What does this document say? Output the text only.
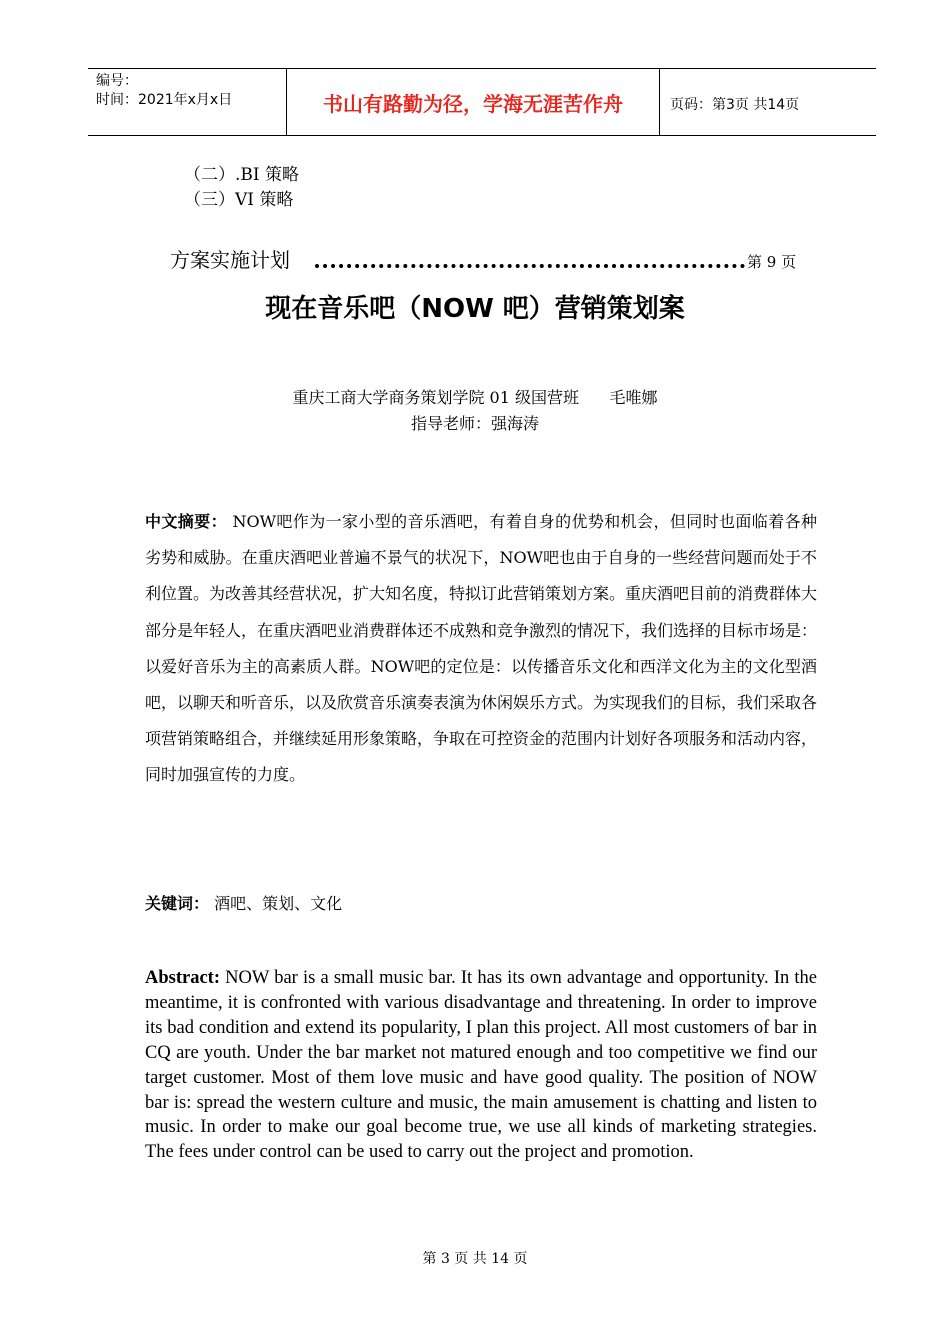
编号：
时间：2021年x月x日	书山有路勤为径，学海无涯苦作舟	页码：第3页 共14页
（二）.BI 策略
（三）VI 策略
方案实施计划	第 9 页
现在音乐吧（NOW 吧）营销策划案
重庆工商大学商务策划学院 01 级国营班      毛唯娜
指导老师：强海涛

中文摘要： NOW吧作为一家小型的音乐酒吧，有着自身的优势和机会，但同时也面临着各种劣势和威胁。在重庆酒吧业普遍不景气的状况下，NOW吧也由于自身的一些经营问题而处于不利位置。为改善其经营状况，扩大知名度，特拟订此营销策划方案。重庆酒吧目前的消费群体大部分是年轻人，在重庆酒吧业消费群体还不成熟和竞争激烈的情况下，我们选择的目标市场是：以爱好音乐为主的高素质人群。NOW吧的定位是：以传播音乐文化和西洋文化为主的文化型酒吧，以聊天和听音乐，以及欣赏音乐演奏表演为休闲娱乐方式。为实现我们的目标，我们采取各项营销策略组合，并继续延用形象策略，争取在可控资金的范围内计划好各项服务和活动内容，同时加强宣传的力度。

关键词： 酒吧、策划、文化

Abstract: NOW bar is a small music bar. It has its own advantage and opportunity. In the meantime, it is confronted with various disadvantage and threatening. In order to improve its bad condition and extend its popularity, I plan this project. All most customers of bar in CQ are youth. Under the bar market not matured enough and too competitive we find our target customer. Most of them love music and have good quality. The position of NOW bar is: spread the western culture and music, the main amusement is chatting and listen to music. In order to make our goal become true, we use all kinds of marketing strategies. The fees under control can be used to carry out the project and promotion.

第 3 页 共 14 页
